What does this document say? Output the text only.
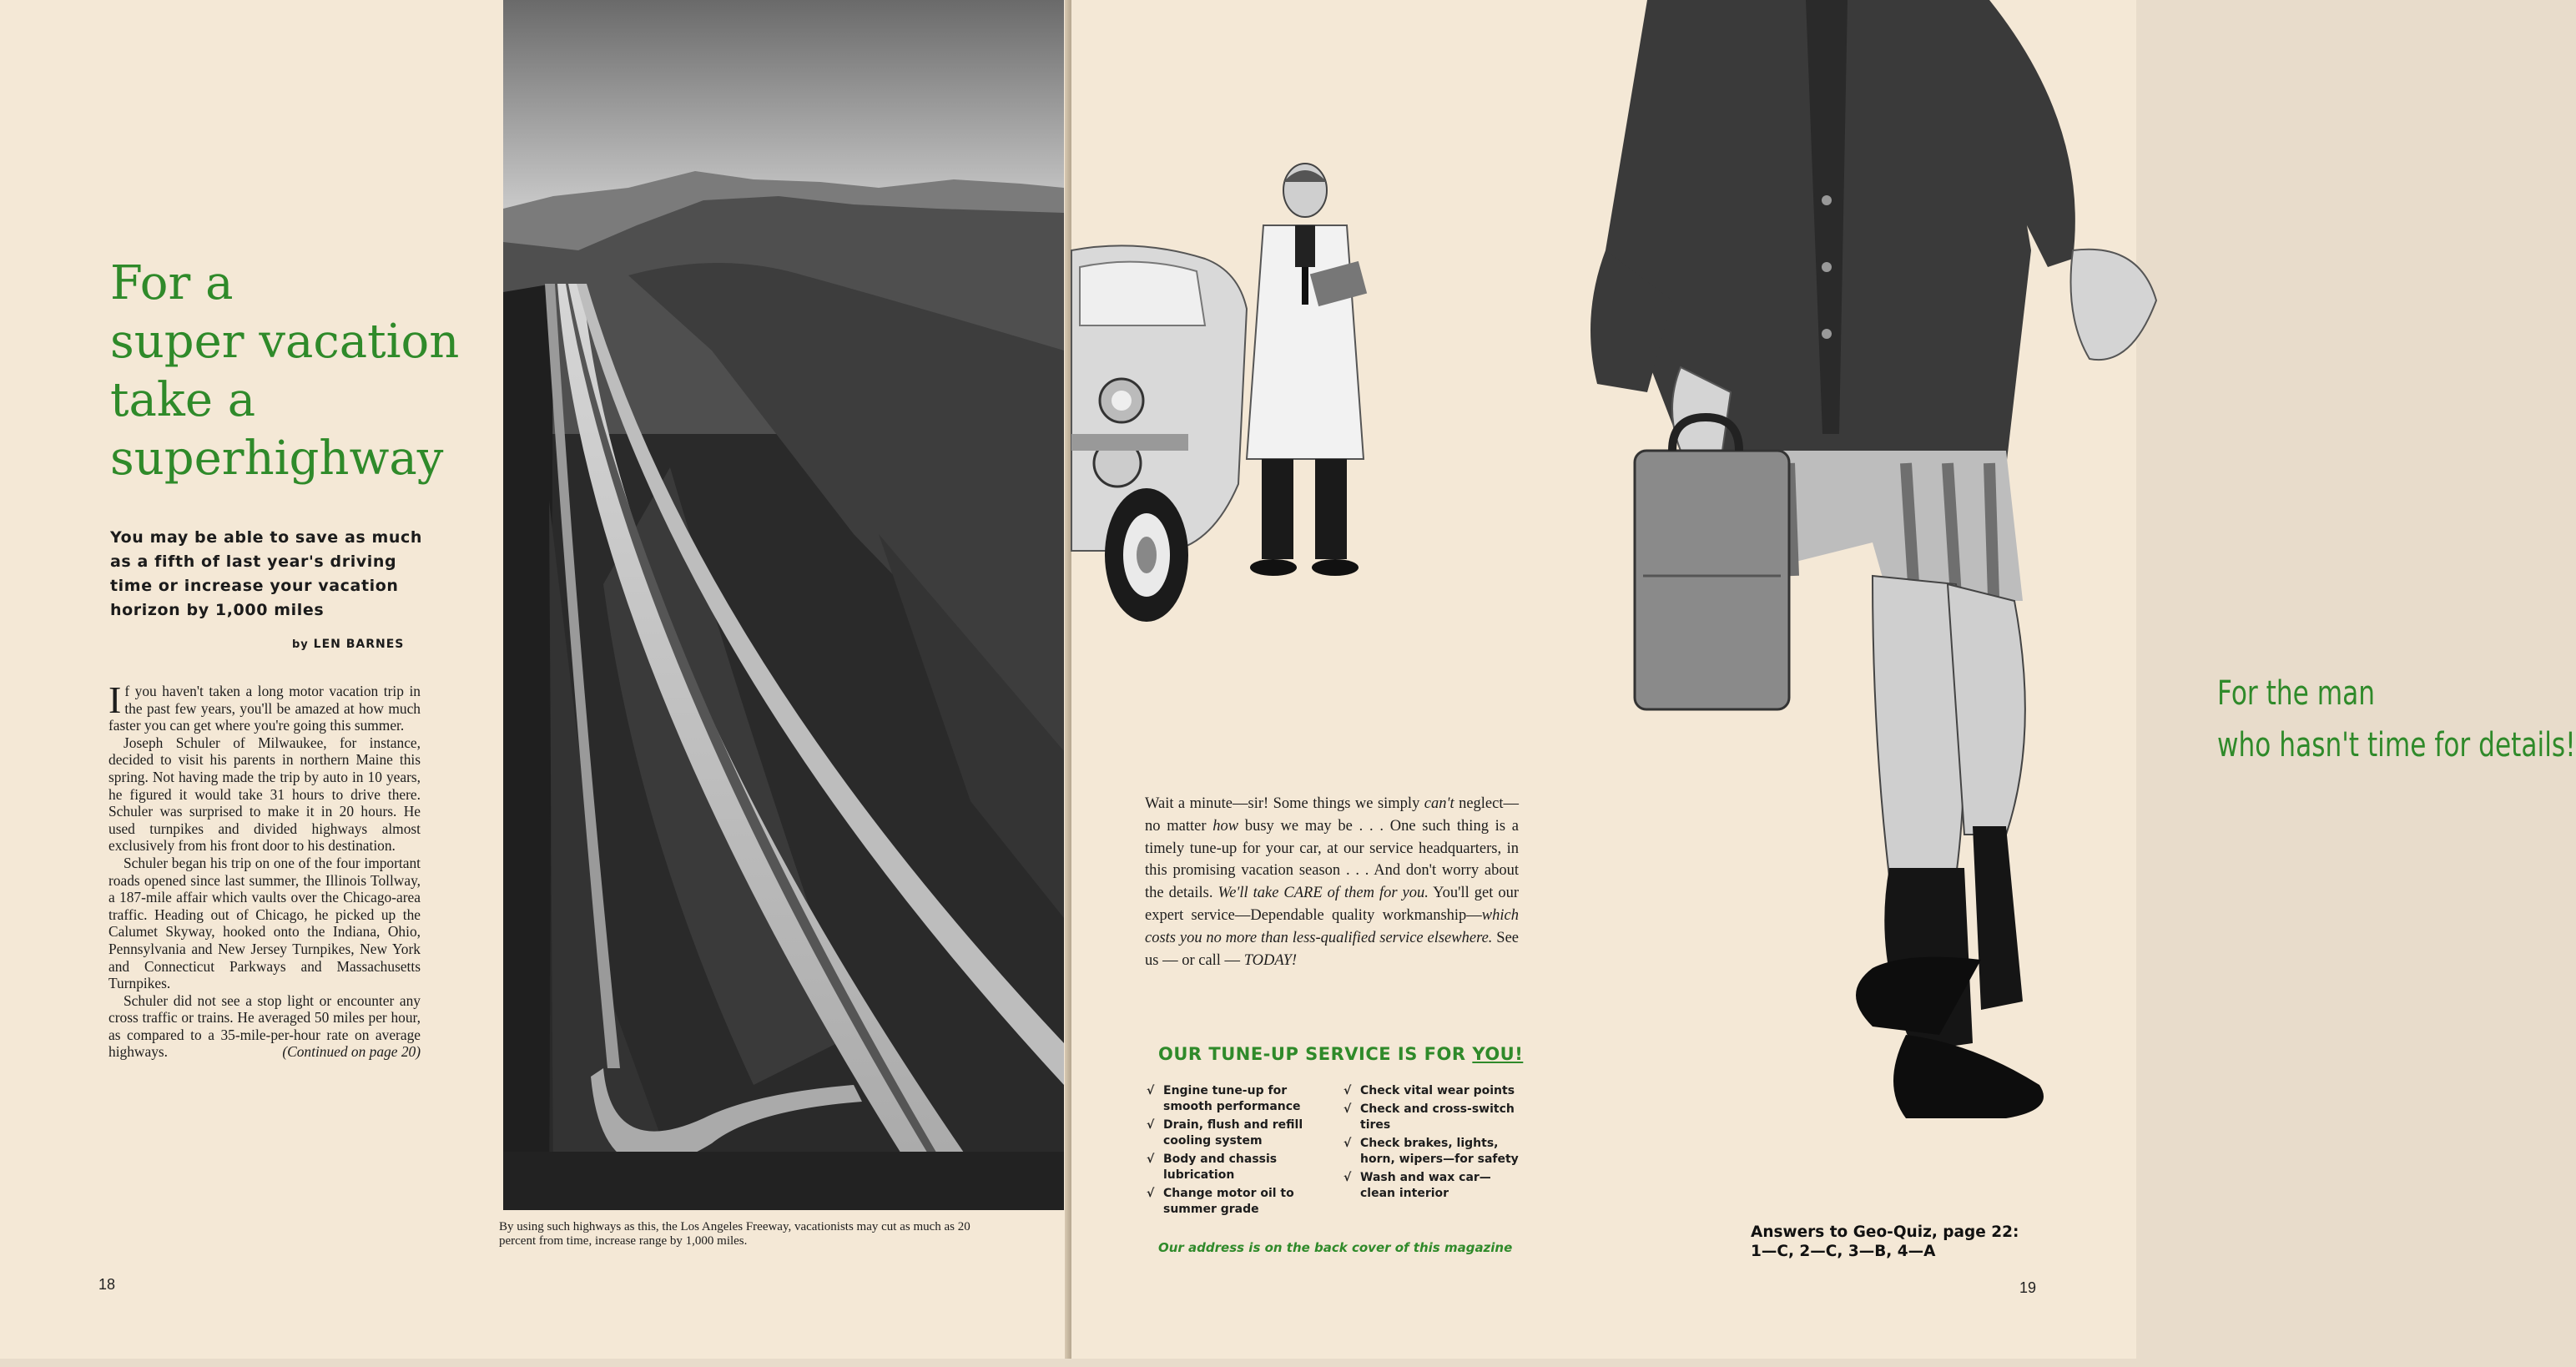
For a
super vacation
take a
superhighway
You may be able to save as much as a fifth of last year's driving time or increase your vacation horizon by 1,000 miles
by LEN BARNES

If you haven't taken a long motor vacation trip in the past few years, you'll be amazed at how much faster you can get where you're going this summer.

Joseph Schuler of Milwaukee, for instance, decided to visit his parents in northern Maine this spring. Not having made the trip by auto in 10 years, he figured it would take 31 hours to drive there. Schuler was surprised to make it in 20 hours. He used turnpikes and divided highways almost exclusively from his front door to his destination.

Schuler began his trip on one of the four important roads opened since last summer, the Illinois Tollway, a 187-mile affair which vaults over the Chicago-area traffic. Heading out of Chicago, he picked up the Calumet Skyway, hooked onto the Indiana, Ohio, Pennsylvania and New Jersey Turnpikes, New York and Connecticut Parkways and Massachusetts Turnpikes.

Schuler did not see a stop light or encounter any cross traffic or trains. He averaged 50 miles per hour, as compared to a 35-mile-per-hour rate on average highways.	(Continued on page 20)

By using such highways as this, the Los Angeles Freeway, vacationists may cut as much as 20 percent from time, increase range by 1,000 miles.
18
For the man
who hasn't time for details!
Wait a minute—sir! Some things we simply can't neglect—no matter how busy we may be . . . One such thing is a timely tune-up for your car, at our service headquarters, in this promising vacation season . . . And don't worry about the details. We'll take CARE of them for you. You'll get our expert service—Dependable quality workmanship—which costs you no more than less-qualified service elsewhere. See us — or call — TODAY!
OUR TUNE-UP SERVICE IS FOR YOU!
√ Engine tune-up for smooth performance
√ Drain, flush and refill cooling system
√ Body and chassis lubrication
√ Change motor oil to summer grade
√ Check vital wear points
√ Check and cross-switch tires
√ Check brakes, lights, horn, wipers—for safety
√ Wash and wax car—clean interior
Our address is on the back cover of this magazine
Answers to Geo-Quiz, page 22:
1—C, 2—C, 3—B, 4—A
19
